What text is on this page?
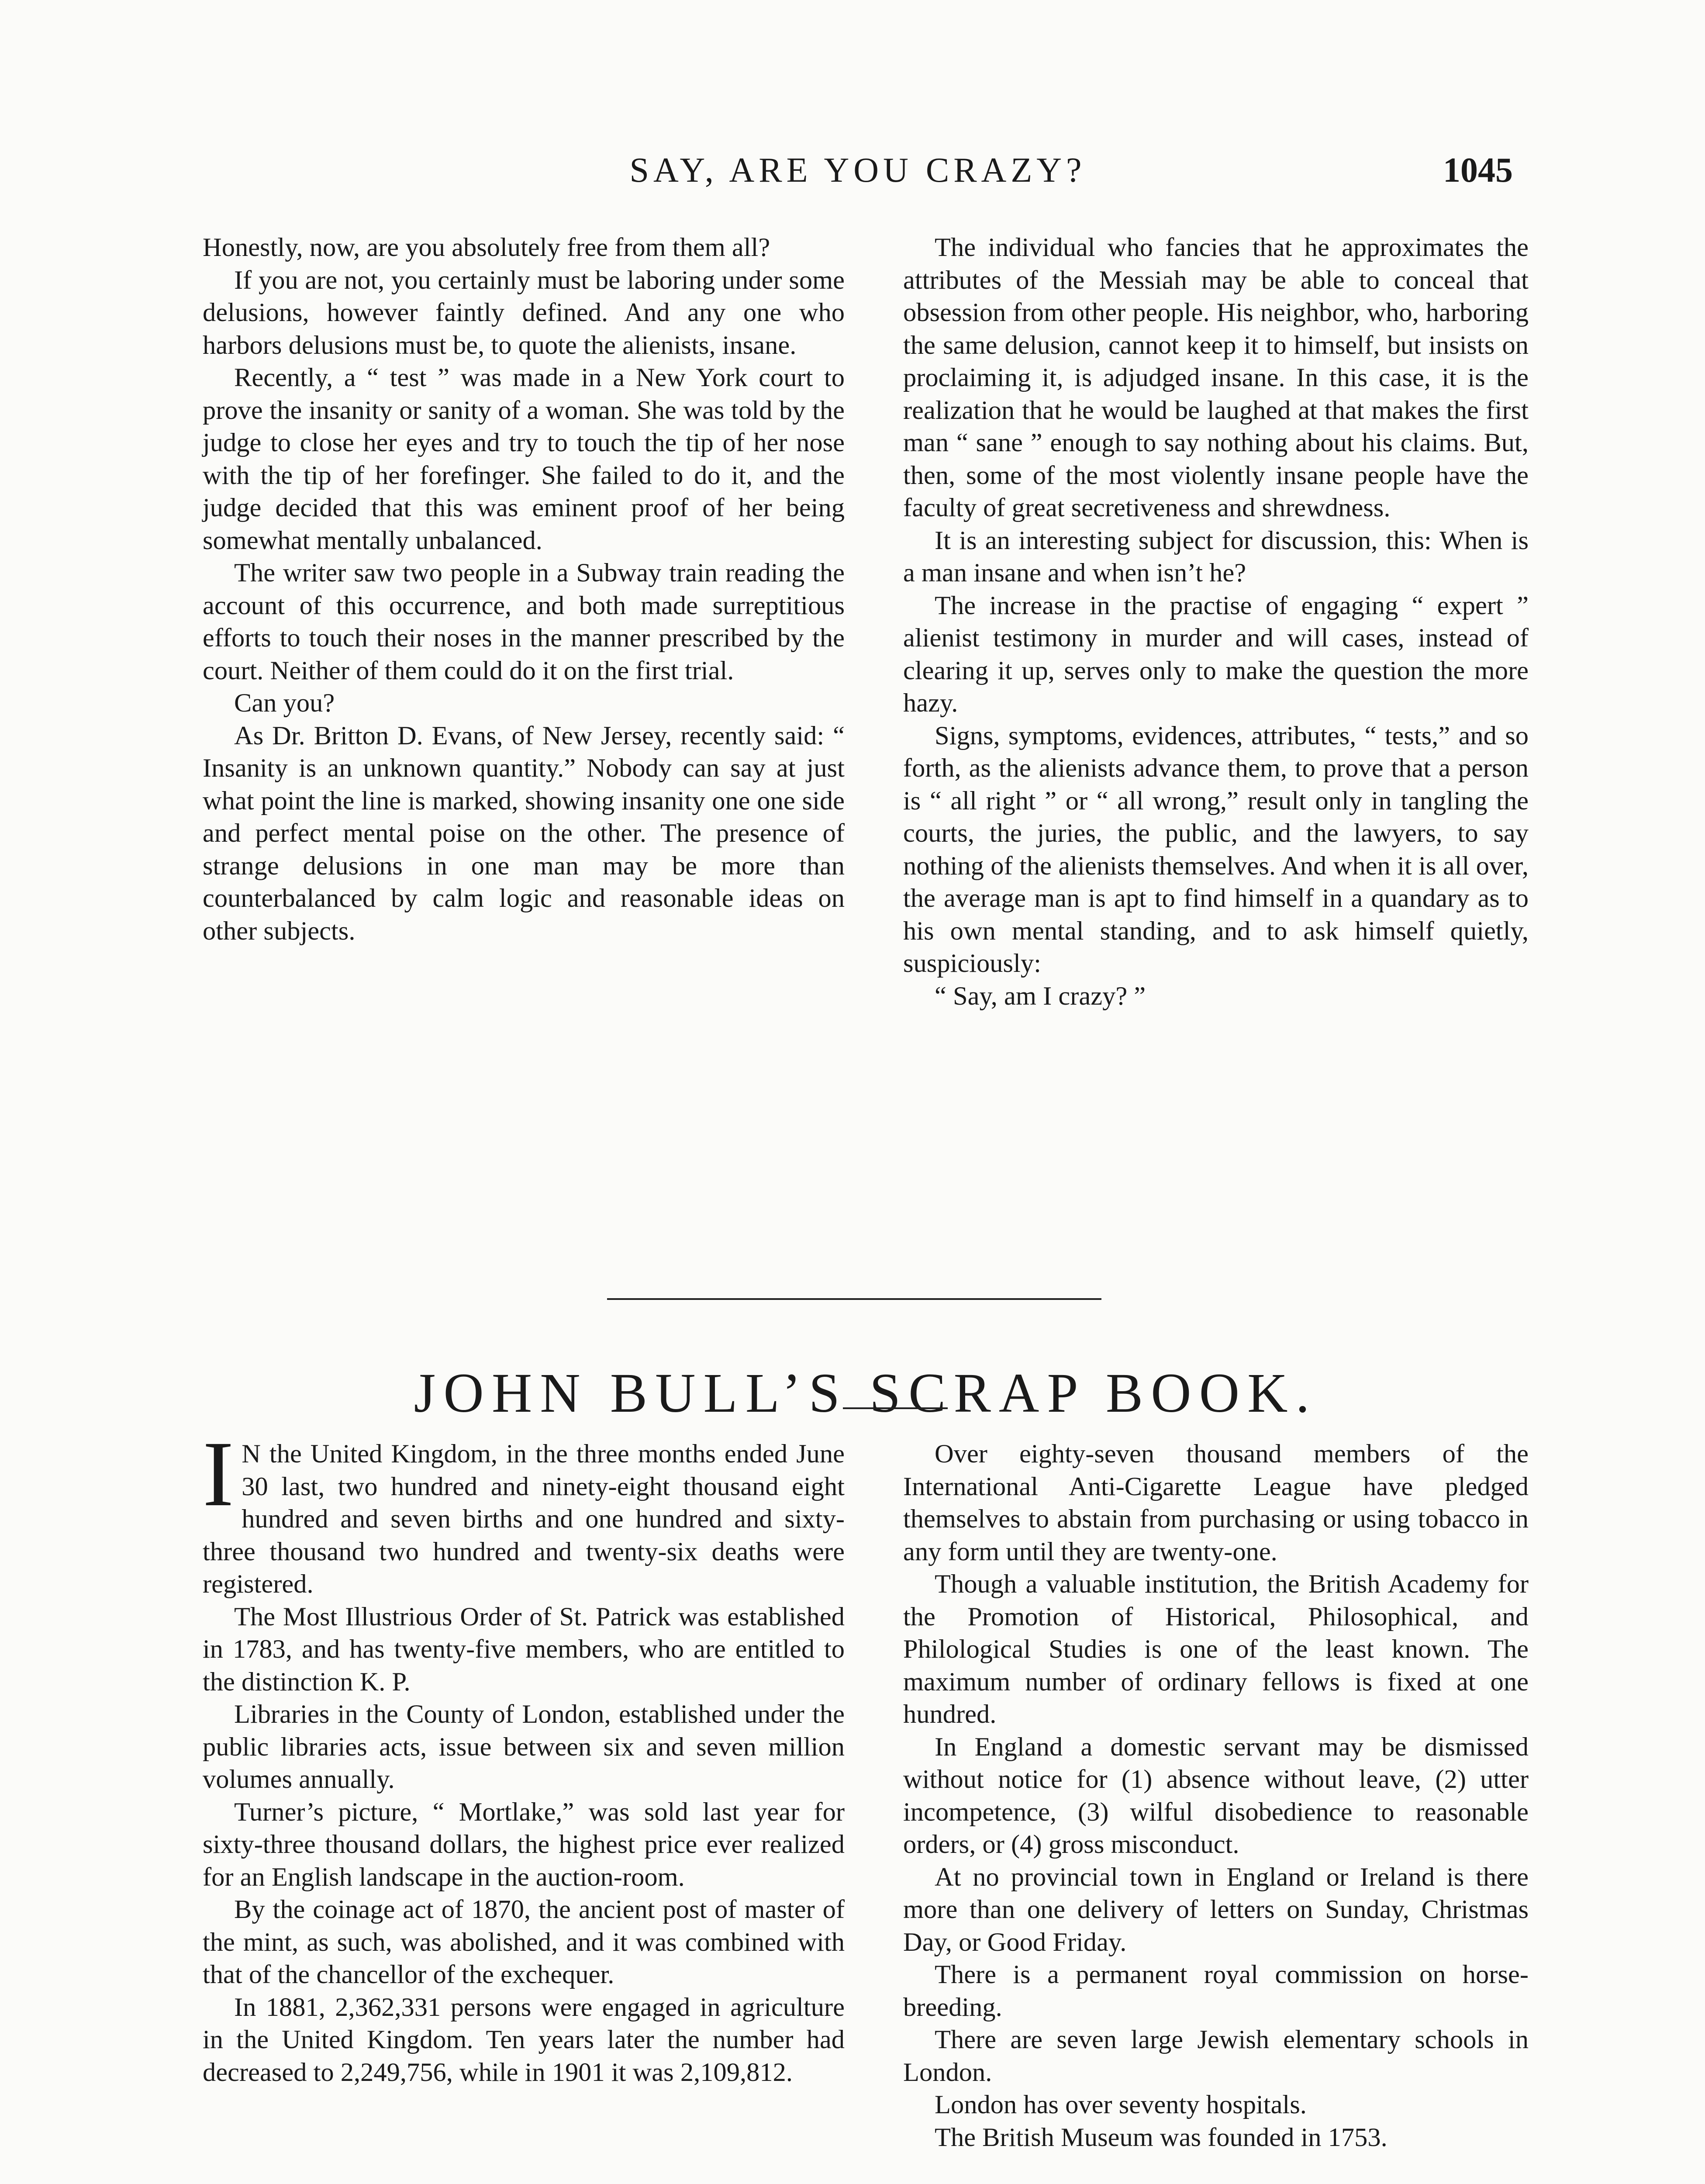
SAY, ARE YOU CRAZY?	1045

Honestly, now, are you absolutely free from them all?

If you are not, you certainly must be laboring under some delusions, however faintly defined. And any one who harbors delusions must be, to quote the alienists, insane.

Recently, a “ test ” was made in a New York court to prove the insanity or sanity of a woman. She was told by the judge to close her eyes and try to touch the tip of her nose with the tip of her forefinger. She failed to do it, and the judge decided that this was eminent proof of her being somewhat mentally unbalanced.

The writer saw two people in a Subway train reading the account of this occurrence, and both made surreptitious efforts to touch their noses in the manner prescribed by the court. Neither of them could do it on the first trial.

Can you?

As Dr. Britton D. Evans, of New Jersey, recently said: “ Insanity is an unknown quantity.” Nobody can say at just what point the line is marked, showing insanity one one side and perfect mental poise on the other. The presence of strange delusions in one man may be more than counterbalanced by calm logic and reasonable ideas on other subjects.

The individual who fancies that he approximates the attributes of the Messiah may be able to conceal that obsession from other people. His neighbor, who, harboring the same delusion, cannot keep it to himself, but insists on proclaiming it, is adjudged insane. In this case, it is the realization that he would be laughed at that makes the first man “ sane ” enough to say nothing about his claims. But, then, some of the most violently insane people have the faculty of great secretiveness and shrewdness.

It is an interesting subject for discussion, this: When is a man insane and when isn’t he?

The increase in the practise of engaging “ expert ” alienist testimony in murder and will cases, instead of clearing it up, serves only to make the question the more hazy.

Signs, symptoms, evidences, attributes, “ tests,” and so forth, as the alienists advance them, to prove that a person is “ all right ” or “ all wrong,” result only in tangling the courts, the juries, the public, and the lawyers, to say nothing of the alienists themselves. And when it is all over, the average man is apt to find himself in a quandary as to his own mental standing, and to ask himself quietly, suspiciously:

“ Say, am I crazy? ”

JOHN BULL’S SCRAP BOOK.

I N the United Kingdom, in the three months ended June 30 last, two hundred and ninety-eight thousand eight hundred and seven births and one hundred and sixty-three thousand two hundred and twenty-six deaths were registered.

The Most Illustrious Order of St. Patrick was established in 1783, and has twenty-five members, who are entitled to the distinction K. P.

Libraries in the County of London, established under the public libraries acts, issue between six and seven million volumes annually.

Turner’s picture, “ Mortlake,” was sold last year for sixty-three thousand dollars, the highest price ever realized for an English landscape in the auction-room.

By the coinage act of 1870, the ancient post of master of the mint, as such, was abolished, and it was combined with that of the chancellor of the exchequer.

In 1881, 2,362,331 persons were engaged in agriculture in the United Kingdom. Ten years later the number had decreased to 2,249,756, while in 1901 it was 2,109,812.

Over eighty-seven thousand members of the International Anti-Cigarette League have pledged themselves to abstain from purchasing or using tobacco in any form until they are twenty-one.

Though a valuable institution, the British Academy for the Promotion of Historical, Philosophical, and Philological Studies is one of the least known. The maximum number of ordinary fellows is fixed at one hundred.

In England a domestic servant may be dismissed without notice for (1) absence without leave, (2) utter incompetence, (3) wilful disobedience to reasonable orders, or (4) gross misconduct.

At no provincial town in England or Ireland is there more than one delivery of letters on Sunday, Christmas Day, or Good Friday.

There is a permanent royal commission on horse-breeding.

There are seven large Jewish elementary schools in London.

London has over seventy hospitals.

The British Museum was founded in 1753.
